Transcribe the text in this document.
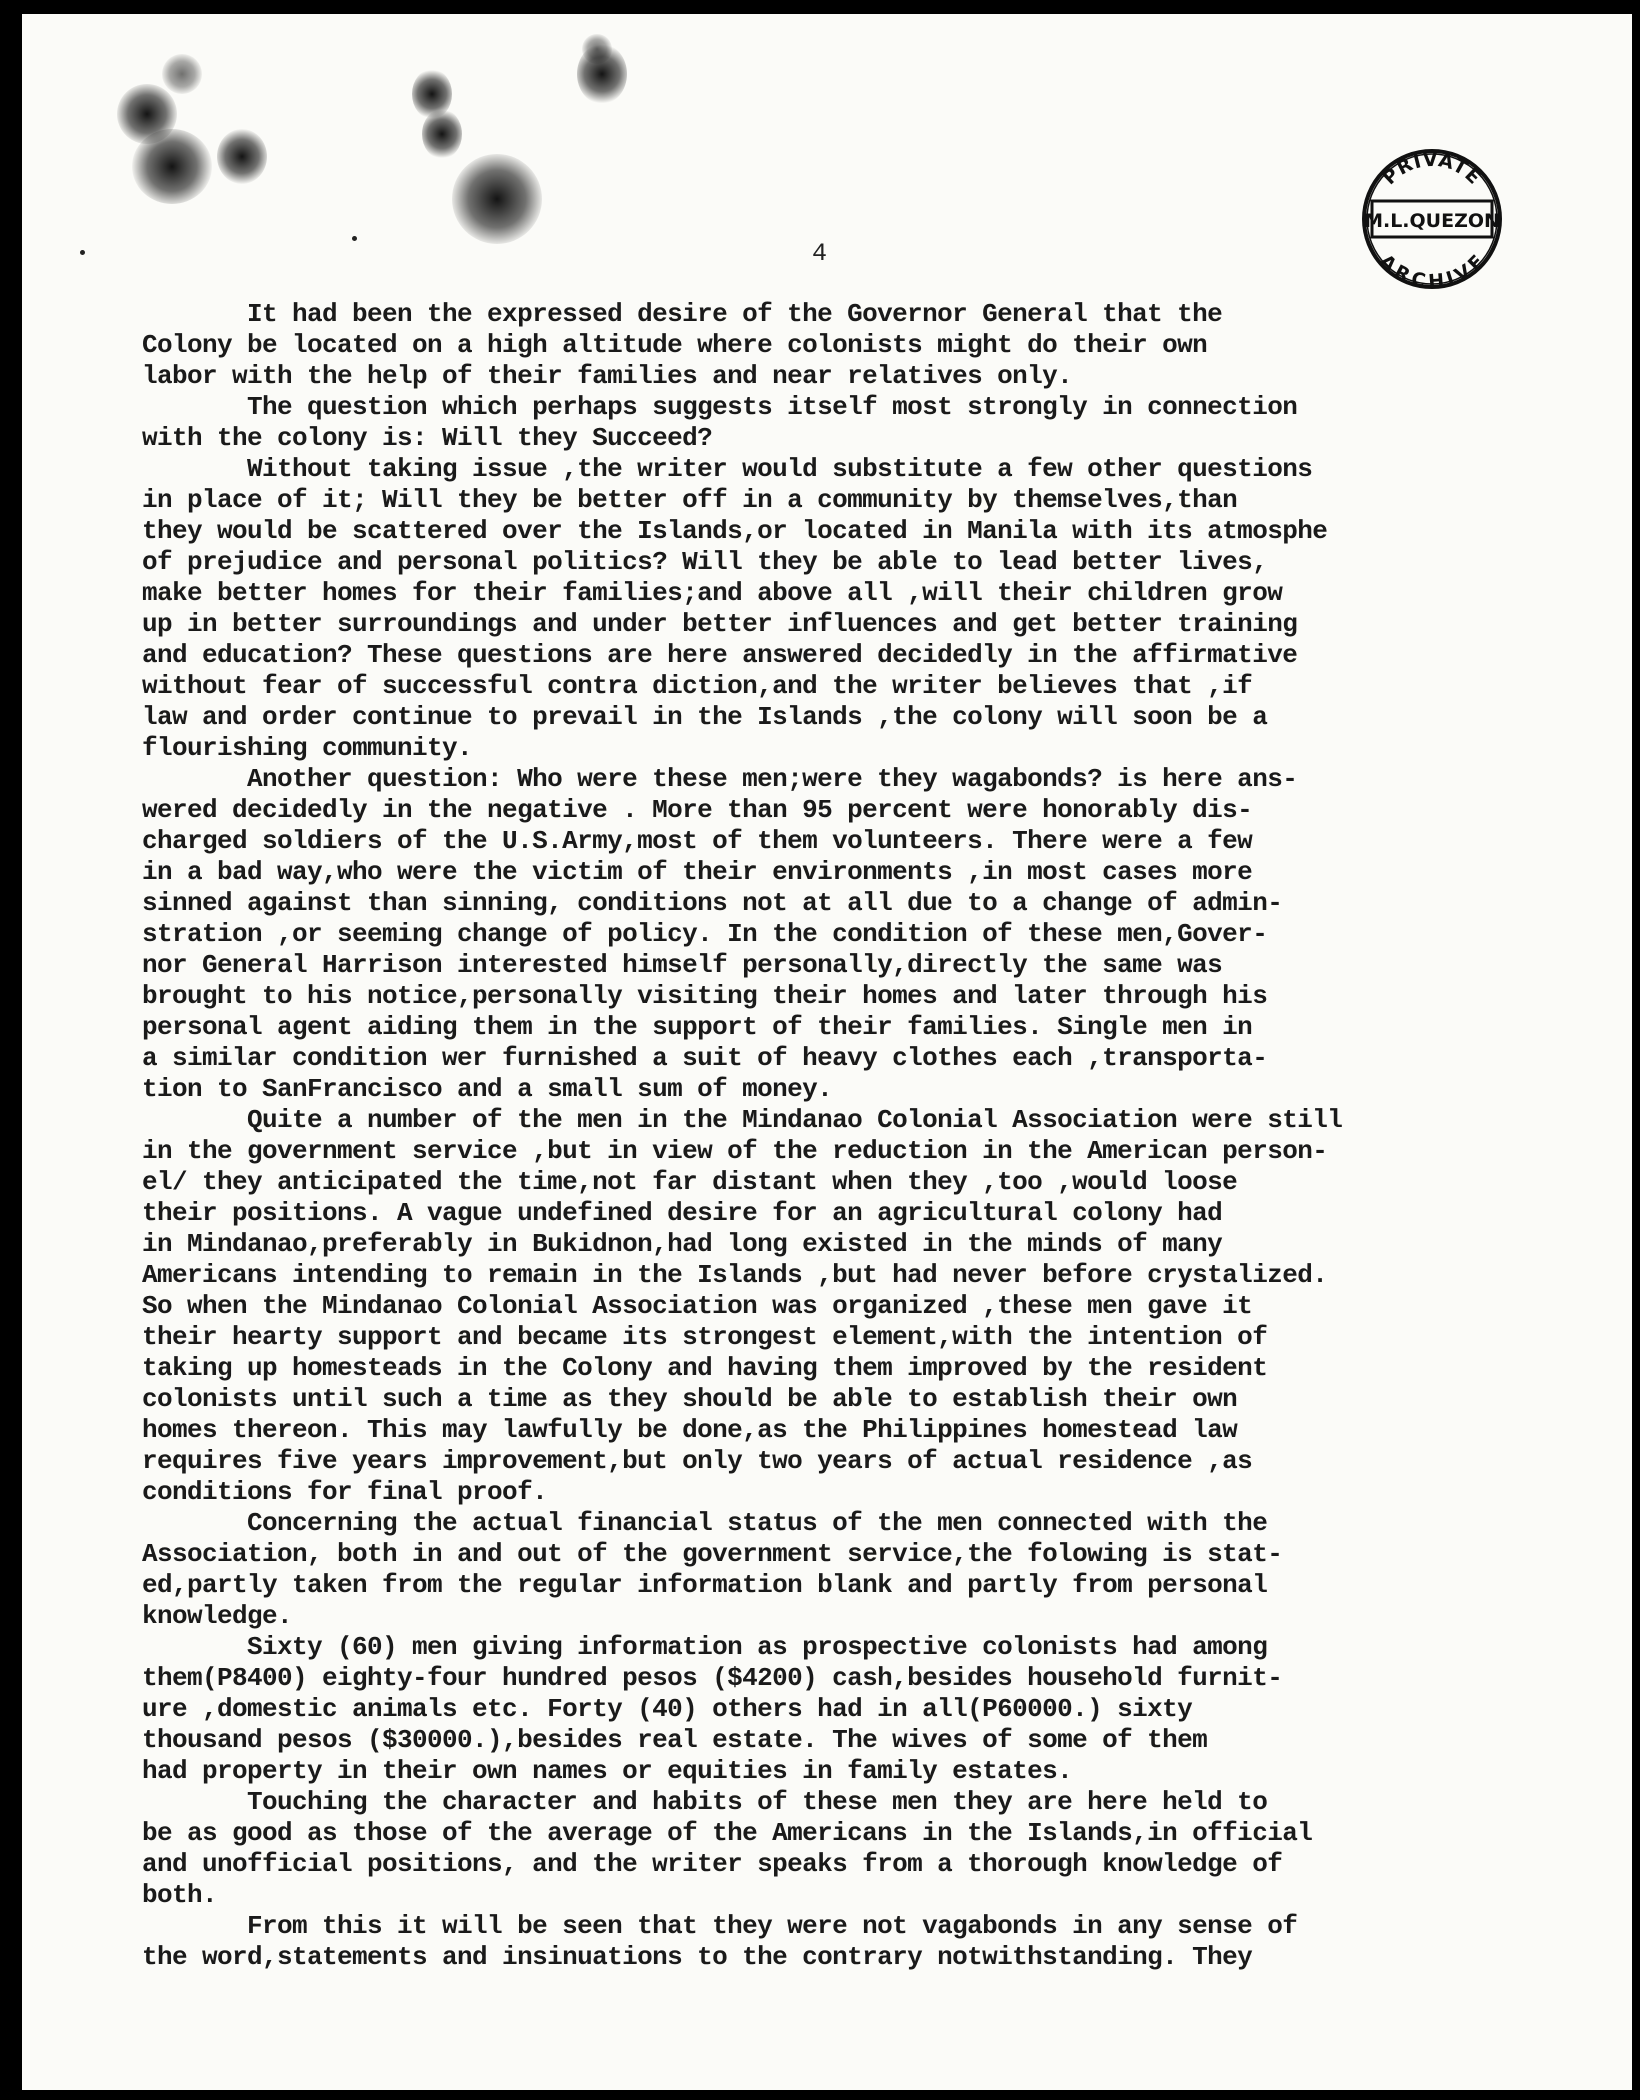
4
PRIVATE
M.L.QUEZON
ARCHIVE
It had been the expressed desire of the Governor General that the
Colony be located on a high altitude where colonists might do their own
labor with the help of their families and near relatives only.
The question which perhaps suggests itself most strongly in connection
with the colony is: Will they Succeed?
Without taking issue ,the writer would substitute a few other questions
in place of it; Will they be better off in a community by themselves,than
they would be scattered over the Islands,or located in Manila with its atmosphe
of prejudice and personal politics? Will they be able to lead better lives,
make better homes for their families;and above all ,will their children grow
up in better surroundings and under better influences and get better training
and education? These questions are here answered decidedly in the affirmative
without fear of successful contra diction,and the writer believes that ,if
law and order continue to prevail in the Islands ,the colony will soon be a
flourishing community.
Another question: Who were these men;were they wagabonds? is here ans-
wered decidedly in the negative . More than 95 percent were honorably dis-
charged soldiers of the U.S.Army,most of them volunteers. There were a few
in a bad way,who were the victim of their environments ,in most cases more
sinned against than sinning, conditions not at all due to a change of admin-
stration ,or seeming change of policy. In the condition of these men,Gover-
nor General Harrison interested himself personally,directly the same was
brought to his notice,personally visiting their homes and later through his
personal agent aiding them in the support of their families. Single men in
a similar condition wer furnished a suit of heavy clothes each ,transporta-
tion to SanFrancisco and a small sum of money.
Quite a number of the men in the Mindanao Colonial Association were still
in the government service ,but in view of the reduction in the American person-
el/ they anticipated the time,not far distant when they ,too ,would loose
their positions. A vague undefined desire for an agricultural colony had
in Mindanao,preferably in Bukidnon,had long existed in the minds of many
Americans intending to remain in the Islands ,but had never before crystalized.
So when the Mindanao Colonial Association was organized ,these men gave it
their hearty support and became its strongest element,with the intention of
taking up homesteads in the Colony and having them improved by the resident
colonists until such a time as they should be able to establish their own
homes thereon. This may lawfully be done,as the Philippines homestead law
requires five years improvement,but only two years of actual residence ,as
conditions for final proof.
Concerning the actual financial status of the men connected with the
Association, both in and out of the government service,the folowing is stat-
ed,partly taken from the regular information blank and partly from personal
knowledge.
Sixty (60) men giving information as prospective colonists had among
them(P8400) eighty-four hundred pesos ($4200) cash,besides household furnit-
ure ,domestic animals etc. Forty (40) others had in all(P60000.) sixty
thousand pesos ($30000.),besides real estate. The wives of some of them
had property in their own names or equities in family estates.
Touching the character and habits of these men they are here held to
be as good as those of the average of the Americans in the Islands,in official
and unofficial positions, and the writer speaks from a thorough knowledge of
both.
From this it will be seen that they were not vagabonds in any sense of
the word,statements and insinuations to the contrary notwithstanding. They
